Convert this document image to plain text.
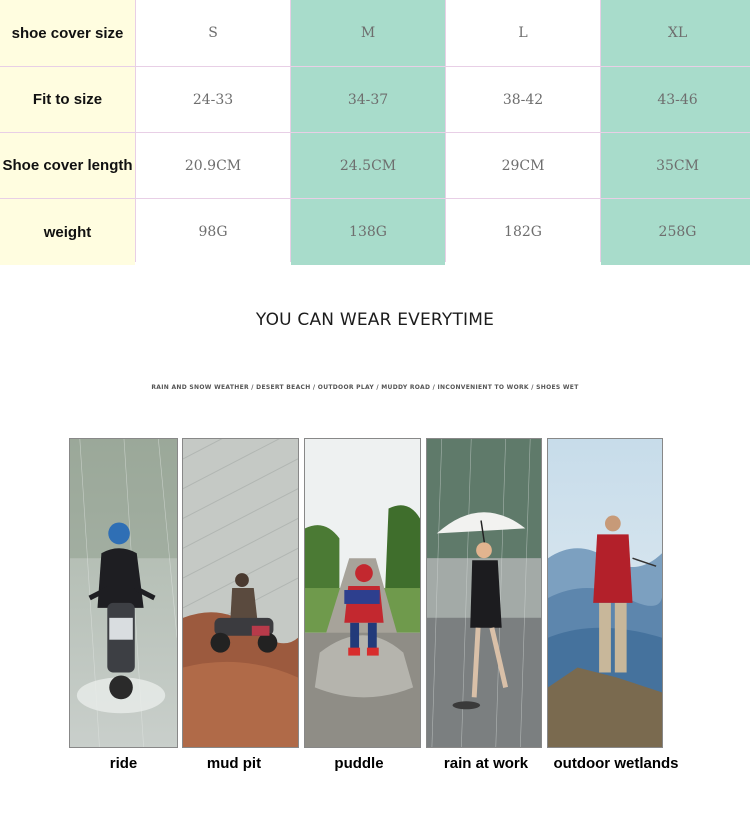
shoe cover size	S	M	L	XL
Fit to size	24-33	34-37	38-42	43-46
Shoe cover length	20.9CM	24.5CM	29CM	35CM
weight	98G	138G	182G	258G
YOU CAN WEAR EVERYTIME
RAIN AND SNOW WEATHER / DESERT BEACH / OUTDOOR PLAY / MUDDY ROAD / INCONVENIENT TO WORK / SHOES WET
ride	mud pit	puddle	rain at work	outdoor wetlands
